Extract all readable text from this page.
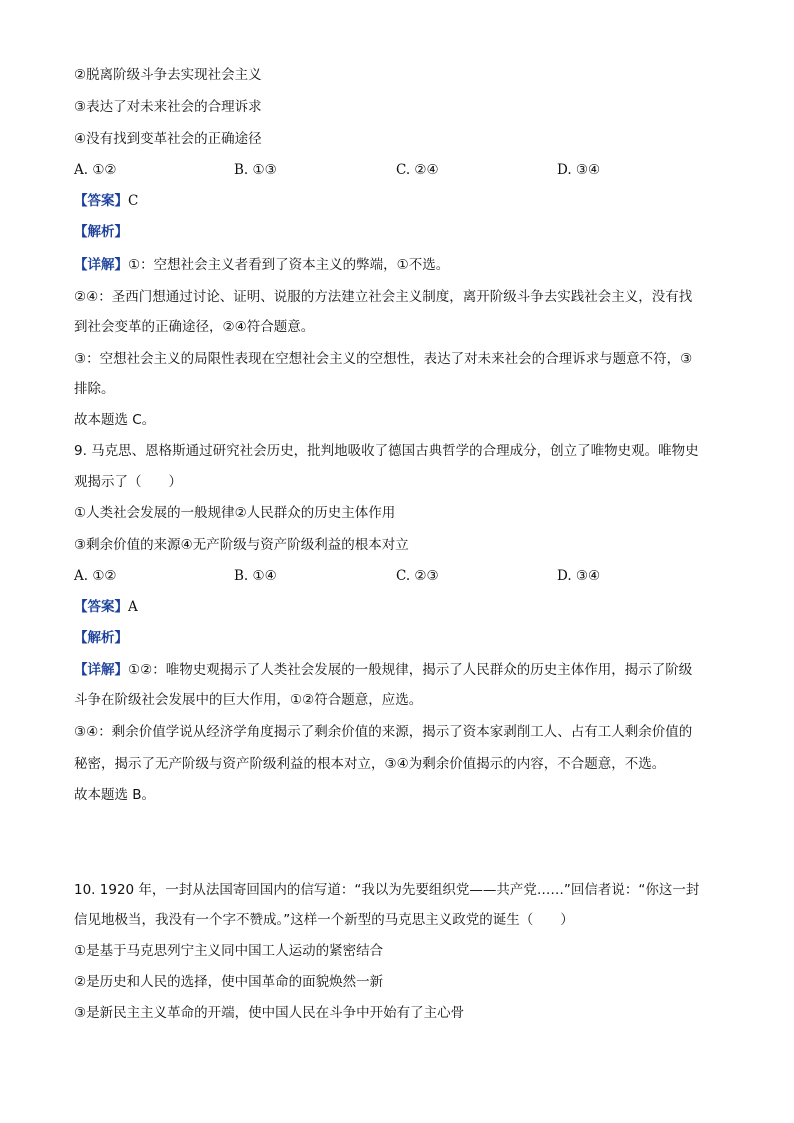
②脱离阶级斗争去实现社会主义
③表达了对未来社会的合理诉求
④没有找到变革社会的正确途径
A. ①②	B. ①③	C. ②④	D. ③④
【答案】C
【解析】
【详解】①：空想社会主义者看到了资本主义的弊端，①不选。
②④：圣西门想通过讨论、证明、说服的方法建立社会主义制度，离开阶级斗争去实践社会主义，没有找
到社会变革的正确途径，②④符合题意。
③：空想社会主义的局限性表现在空想社会主义的空想性，表达了对未来社会的合理诉求与题意不符，③
排除。
故本题选 C。
9. 马克思、恩格斯通过研究社会历史，批判地吸收了德国古典哲学的合理成分，创立了唯物史观。唯物史
观揭示了（　　）
①人类社会发展的一般规律②人民群众的历史主体作用
③剩余价值的来源④无产阶级与资产阶级利益的根本对立
A. ①②	B. ①④	C. ②③	D. ③④
【答案】A
【解析】
【详解】①②：唯物史观揭示了人类社会发展的一般规律，揭示了人民群众的历史主体作用，揭示了阶级
斗争在阶级社会发展中的巨大作用，①②符合题意，应选。
③④：剩余价值学说从经济学角度揭示了剩余价值的来源，揭示了资本家剥削工人、占有工人剩余价值的
秘密，揭示了无产阶级与资产阶级利益的根本对立，③④为剩余价值揭示的内容，不合题意，不选。
故本题选 B。
10. 1920 年，一封从法国寄回国内的信写道：“我以为先要组织党——共产党……”回信者说：“你这一封
信见地极当，我没有一个字不赞成。”这样一个新型的马克思主义政党的诞生（　　）
①是基于马克思列宁主义同中国工人运动的紧密结合
②是历史和人民的选择，使中国革命的面貌焕然一新
③是新民主主义革命的开端，使中国人民在斗争中开始有了主心骨
